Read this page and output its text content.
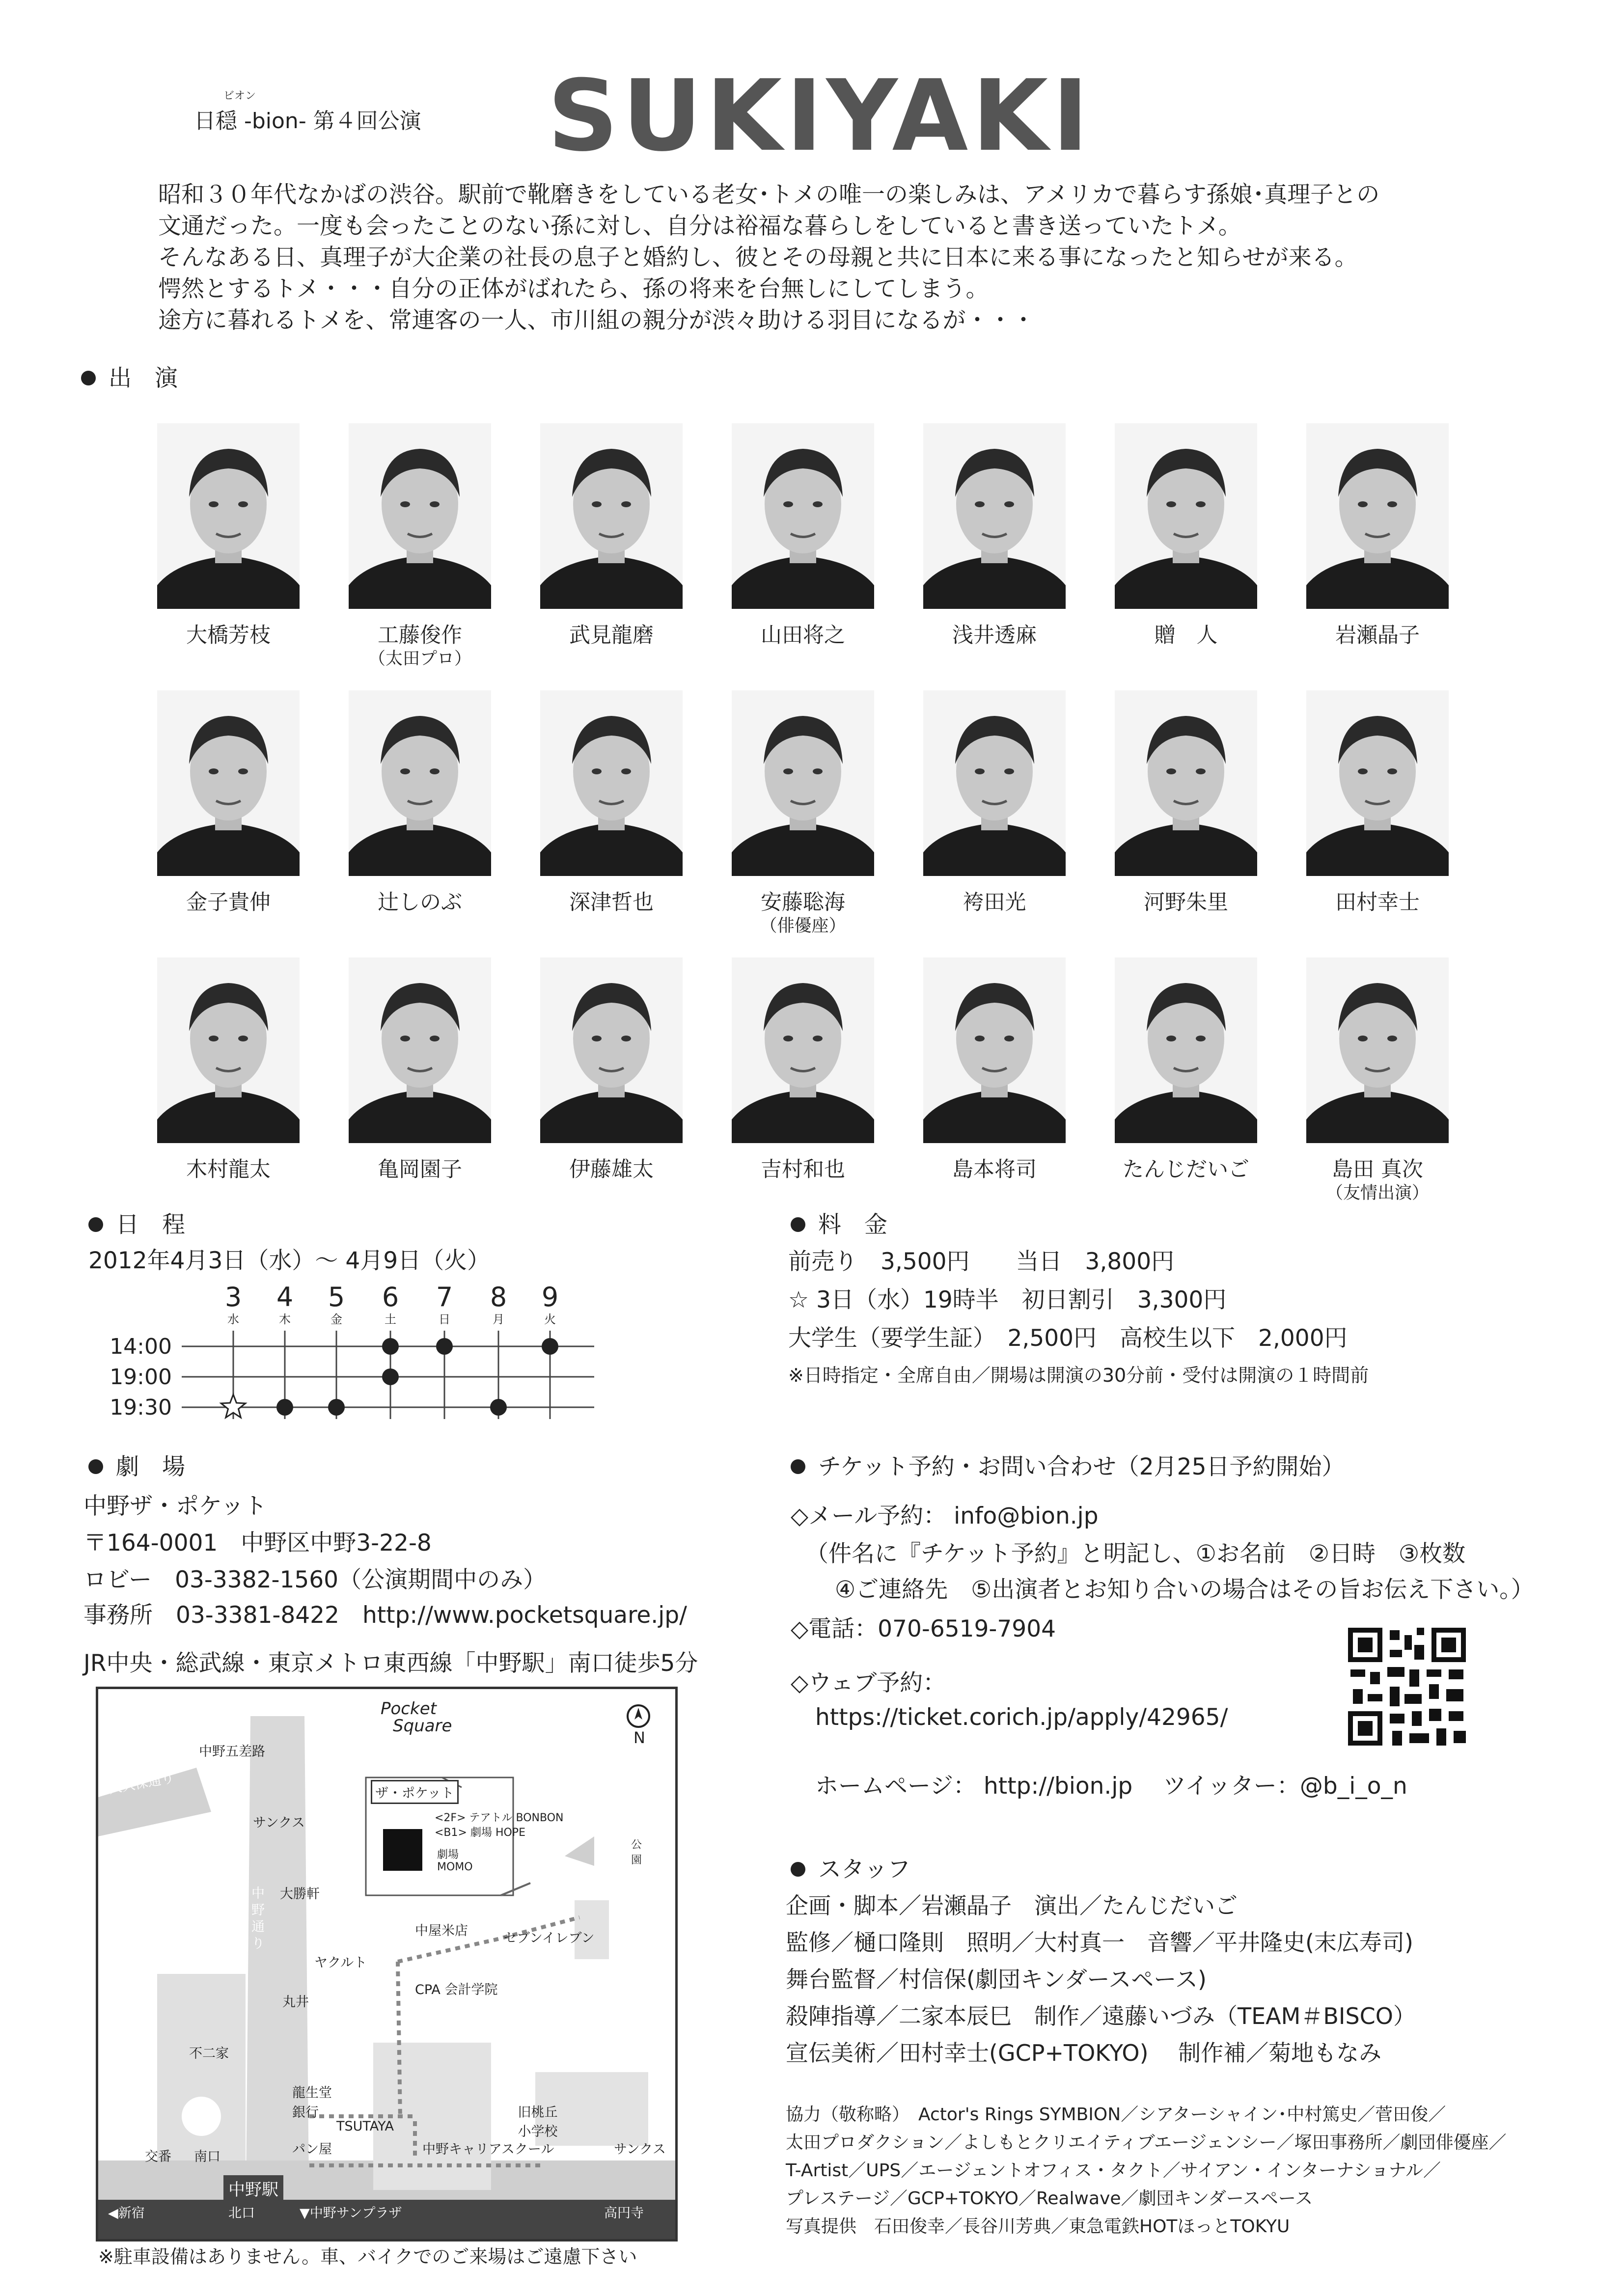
ビオン
日穏 -bion- 第４回公演 SUKIYAKI
昭和３０年代なかばの渋谷。駅前で靴磨きをしている老女･トメの唯一の楽しみは、アメリカで暮らす孫娘･真理子との
文通だった。一度も会ったことのない孫に対し、自分は裕福な暮らしをしていると書き送っていたトメ。
そんなある日、真理子が大企業の社長の息子と婚約し、彼とその母親と共に日本に来る事になったと知らせが来る。
愕然とするトメ・・・自分の正体がばれたら、孫の将来を台無しにしてしまう。
途方に暮れるトメを、常連客の一人、市川組の親分が渋々助ける羽目になるが・・・
出　演
大橋芳枝	工藤俊作
（太田プロ）
武見龍磨	山田将之	浅井透麻	贈　人	岩瀬晶子
金子貴伸	辻しのぶ	深津哲也	安藤聡海
（俳優座）
袴田光	河野朱里	田村幸士
木村龍太	亀岡園子	伊藤雄太	吉村和也	島本将司	たんじだいご	島田 真次
（友情出演）
日　程
2012年4月3日（水）～ 4月9日（火）
14:00
19:00
19:30
3
水
4
木
5
金
6
土
7
日
8
月
9
火
料　金
前売り　3,500円　　当日　3,800円
☆ 3日（水）19時半　初日割引　3,300円
大学生（要学生証）　2,500円　高校生以下　2,000円
※日時指定・全席自由／開場は開演の30分前・受付は開演の１時間前
劇　場
中野ザ・ポケット
〒164-0001　中野区中野3-22-8
ロビー　03-3382-1560（公演期間中のみ）
事務所　03-3381-8422　http://www.pocketsquare.jp/
JR中央・総武線・東京メトロ東西線「中野駅」南口徒歩5分
Pocket
Square
N
中野五差路
大久保通り	ザ・ポケット
<2F> テアトル BONBON
<B1> 劇場 HOPE
劇場
MOMO
サンクス
大勝軒
中野通り
中屋米店	セブンイレブン
ポケット スクエア
公園
ヤクルト
CPA 会計学院
丸井
不二家
龍生堂
銀行
TSUTAYA
パン屋	中野キャリアスクール
旧桃丘 小学校
サンクス
交番 南口
中野駅
北口
◀新宿	▼中野サンプラザ	高円寺
※駐車設備はありません。車、バイクでのご来場はご遠慮下さい
チケット予約・お問い合わせ（2月25日予約開始）
◇メール予約： info@bion.jp
（件名に『チケット予約』と明記し、①お名前　②日時　③枚数
④ご連絡先　⑤出演者とお知り合いの場合はその旨お伝え下さい。）
◇電話：070-6519-7904
◇ウェブ予約：
https://ticket.corich.jp/apply/42965/
ホームページ： http://bion.jp　 ツイッター：@b_i_o_n
スタッフ
企画・脚本／岩瀬晶子　演出／たんじだいご
監修／樋口隆則　照明／大村真一　音響／平井隆史(末広寿司)
舞台監督／村信保(劇団キンダースペース)
殺陣指導／二家本辰巳　制作／遠藤いづみ（TEAM＃BISCO）
宣伝美術／田村幸士(GCP+TOKYO)　 制作補／菊地もなみ
協力（敬称略）　Actor's Rings SYMBION／シアターシャイン･中村篤史／菅田俊／
太田プロダクション／よしもとクリエイティブエージェンシー／塚田事務所／劇団俳優座／
T-Artist／UPS／エージェントオフィス・タクト／サイアン・インターナショナル／
プレステージ／GCP+TOKYO／Realwave／劇団キンダースペース
写真提供　石田俊幸／長谷川芳典／東急電鉄HOTほっとTOKYU
